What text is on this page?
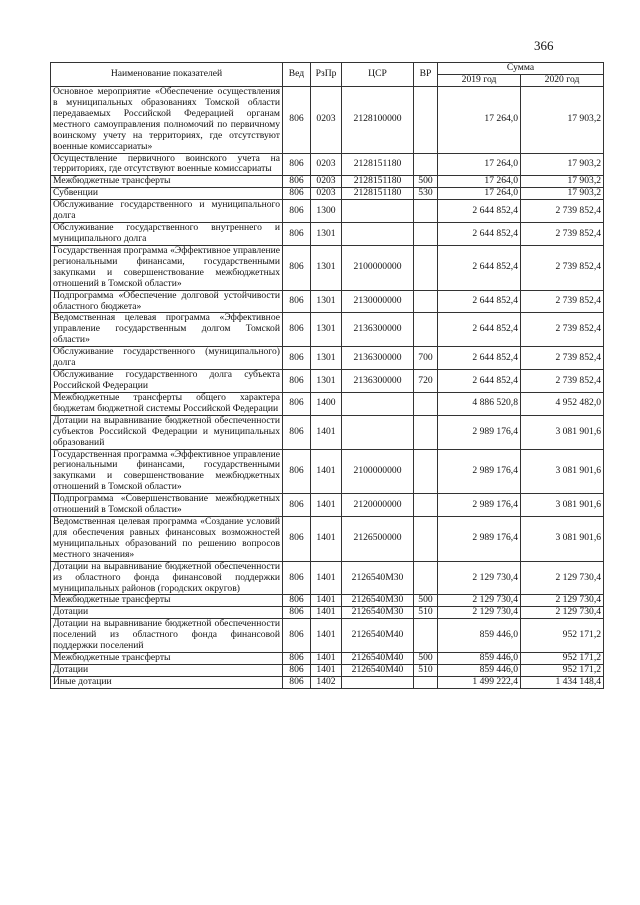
366
Наименование показателей	Вед	РзПр	ЦСР	ВР	Сумма	
					2019 год	2020 год
Основное мероприятие «Обеспечение осуществления в муниципальных образованиях Томской области передаваемых Российской Федерацией органам местного самоуправления полномочий по первичному воинскому учету на территориях, где отсутствуют военные комиссариаты»	806	0203	2128100000		17 264,0	17 903,2
Осуществление первичного воинского учета на территориях, где отсутствуют военные комиссариаты	806	0203	2128151180		17 264,0	17 903,2
Межбюджетные трансферты	806	0203	2128151180	500	17 264,0	17 903,2
Субвенции	806	0203	2128151180	530	17 264,0	17 903,2
Обслуживание государственного и муниципального долга	806	1300			2 644 852,4	2 739 852,4
Обслуживание государственного внутреннего и муниципального долга	806	1301			2 644 852,4	2 739 852,4
Государственная программа «Эффективное управление региональными финансами, государственными закупками и совершенствование межбюджетных отношений в Томской области»	806	1301	2100000000		2 644 852,4	2 739 852,4
Подпрограмма «Обеспечение долговой устойчивости областного бюджета»	806	1301	2130000000		2 644 852,4	2 739 852,4
Ведомственная целевая программа «Эффективное управление государственным долгом Томской области»	806	1301	2136300000		2 644 852,4	2 739 852,4
Обслуживание государственного (муниципального) долга	806	1301	2136300000	700	2 644 852,4	2 739 852,4
Обслуживание государственного долга субъекта Российской Федерации	806	1301	2136300000	720	2 644 852,4	2 739 852,4
Межбюджетные трансферты общего характера бюджетам бюджетной системы Российской Федерации	806	1400			4 886 520,8	4 952 482,0
Дотации на выравнивание бюджетной обеспеченности субъектов Российской Федерации и муниципальных образований	806	1401			2 989 176,4	3 081 901,6
Государственная программа «Эффективное управление региональными финансами, государственными закупками и совершенствование межбюджетных отношений в Томской области»	806	1401	2100000000		2 989 176,4	3 081 901,6
Подпрограмма «Совершенствование межбюджетных отношений в Томской области»	806	1401	2120000000		2 989 176,4	3 081 901,6
Ведомственная целевая программа «Создание условий для обеспечения равных финансовых возможностей муниципальных образований по решению вопросов местного значения»	806	1401	2126500000		2 989 176,4	3 081 901,6
Дотации на выравнивание бюджетной обеспеченности из областного фонда финансовой поддержки муниципальных районов (городских округов)	806	1401	2126540М30		2 129 730,4	2 129 730,4
Межбюджетные трансферты	806	1401	2126540М30	500	2 129 730,4	2 129 730,4
Дотации	806	1401	2126540М30	510	2 129 730,4	2 129 730,4
Дотации на выравнивание бюджетной обеспеченности поселений из областного фонда финансовой поддержки поселений	806	1401	2126540М40		859 446,0	952 171,2
Межбюджетные трансферты	806	1401	2126540М40	500	859 446,0	952 171,2
Дотации	806	1401	2126540М40	510	859 446,0	952 171,2
Иные дотации	806	1402			1 499 222,4	1 434 148,4
